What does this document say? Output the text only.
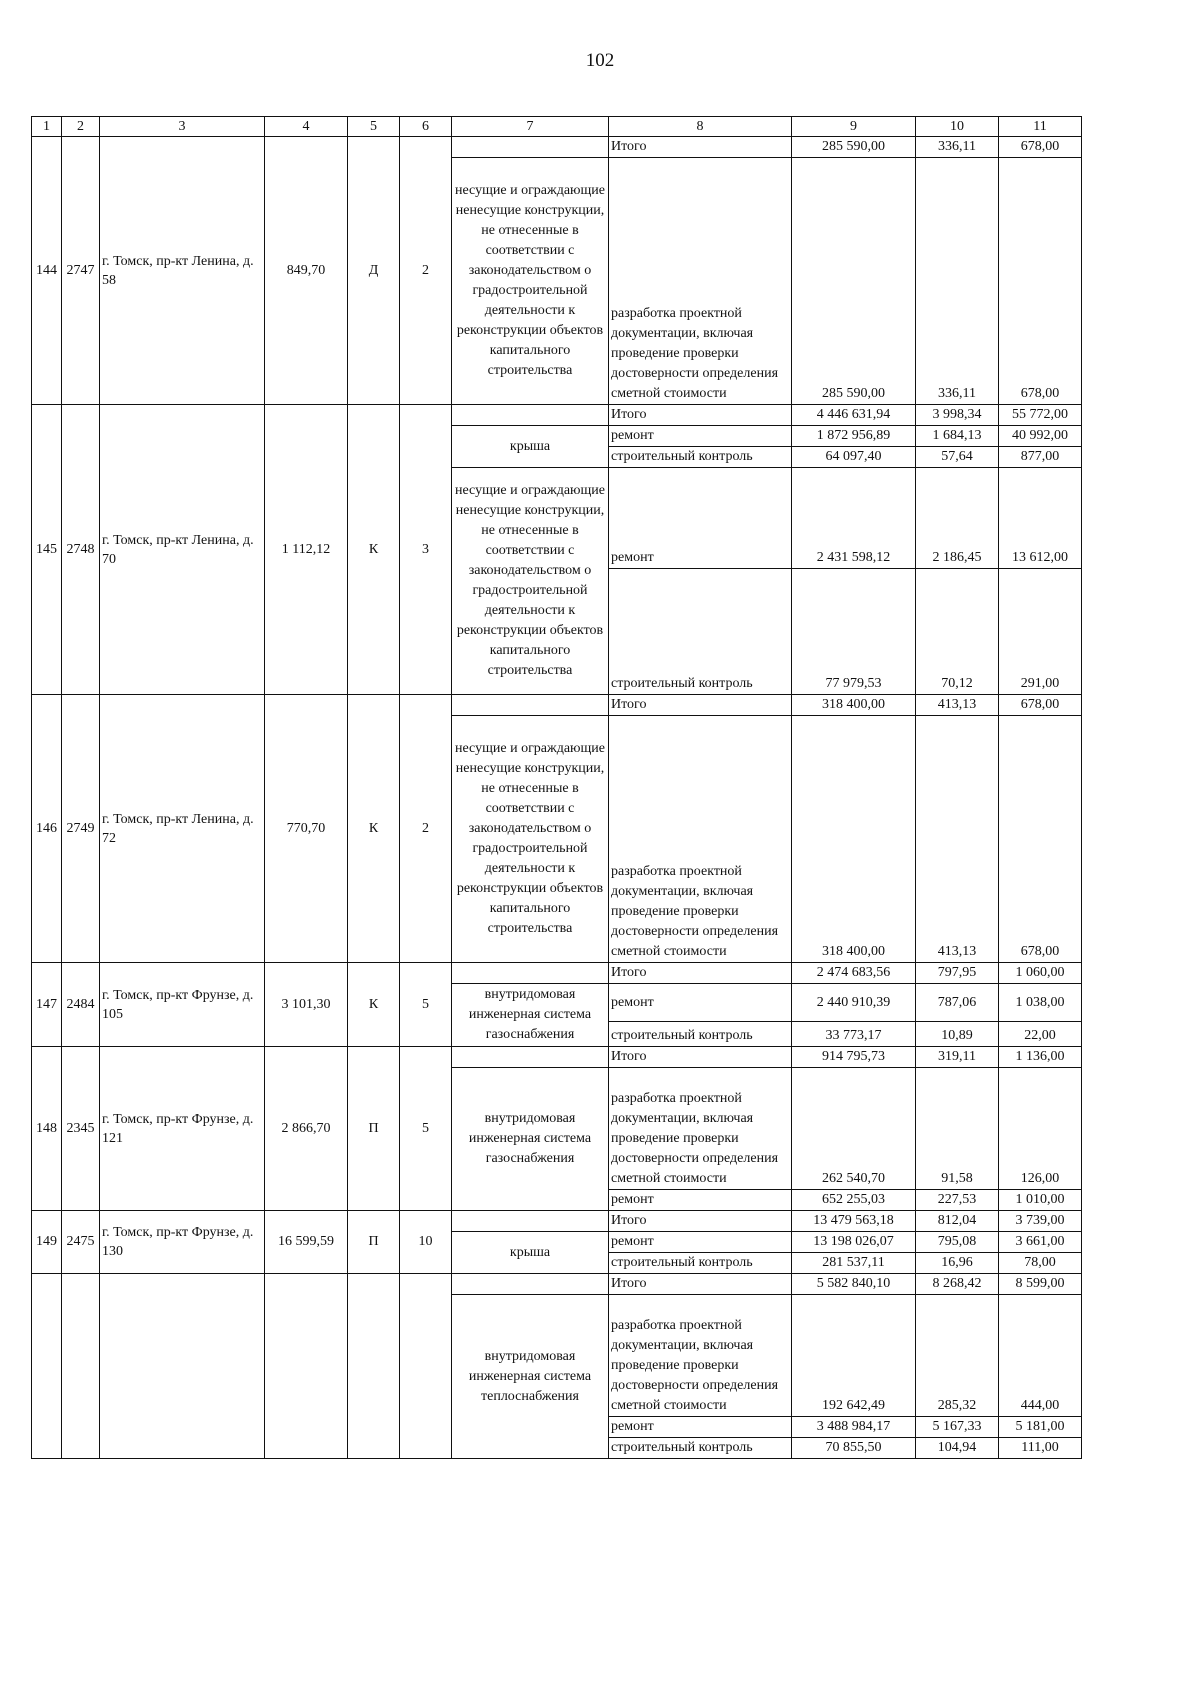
102
1	2	3	4	5	6	7	8	9	10	11
144	2747	г. Томск, пр-кт Ленина, д. 58	849,70	Д	2		Итого	285 590,00	336,11	678,00
						несущие и ограждающие ненесущие конструкции, не отнесенные в соответствии с законодательством о градостроительной деятельности к реконструкции объектов капитального строительства	разработка проектной документации, включая проведение проверки достоверности определения сметной стоимости	285 590,00	336,11	678,00
145	2748	г. Томск, пр-кт Ленина, д. 70	1 112,12	К	3		Итого	4 446 631,94	3 998,34	55 772,00
						крыша	ремонт	1 872 956,89	1 684,13	40 992,00
							строительный контроль	64 097,40	57,64	877,00
						несущие и ограждающие ненесущие конструкции, не отнесенные в соответствии с законодательством о градостроительной деятельности к реконструкции объектов капитального строительства	ремонт	2 431 598,12	2 186,45	13 612,00
							строительный контроль	77 979,53	70,12	291,00

146	2749	г. Томск, пр-кт Ленина, д. 72	770,70	К	2		Итого	318 400,00	413,13	678,00
						несущие и ограждающие ненесущие конструкции, не отнесенные в соответствии с законодательством о градостроительной деятельности к реконструкции объектов капитального строительства	разработка проектной документации, включая проведение проверки достоверности определения сметной стоимости	318 400,00	413,13	678,00
147	2484	г. Томск, пр-кт Фрунзе, д. 105	3 101,30	К	5		Итого	2 474 683,56	797,95	1 060,00
						внутридомовая инженерная система газоснабжения	ремонт	2 440 910,39	787,06	1 038,00
							строительный контроль	33 773,17	10,89	22,00
148	2345	г. Томск, пр-кт Фрунзе, д. 121	2 866,70	П	5		Итого	914 795,73	319,11	1 136,00
						внутридомовая инженерная система газоснабжения	разработка проектной документации, включая проведение проверки достоверности определения сметной стоимости	262 540,70	91,58	126,00
							ремонт	652 255,03	227,53	1 010,00
149	2475	г. Томск, пр-кт Фрунзе, д. 130	16 599,59	П	10		Итого	13 479 563,18	812,04	3 739,00
						крыша	ремонт	13 198 026,07	795,08	3 661,00
							строительный контроль	281 537,11	16,96	78,00
							Итого	5 582 840,10	8 268,42	8 599,00
						внутридомовая инженерная система теплоснабжения	разработка проектной документации, включая проведение проверки достоверности определения сметной стоимости	192 642,49	285,32	444,00
							ремонт	3 488 984,17	5 167,33	5 181,00
							строительный контроль	70 855,50	104,94	111,00
